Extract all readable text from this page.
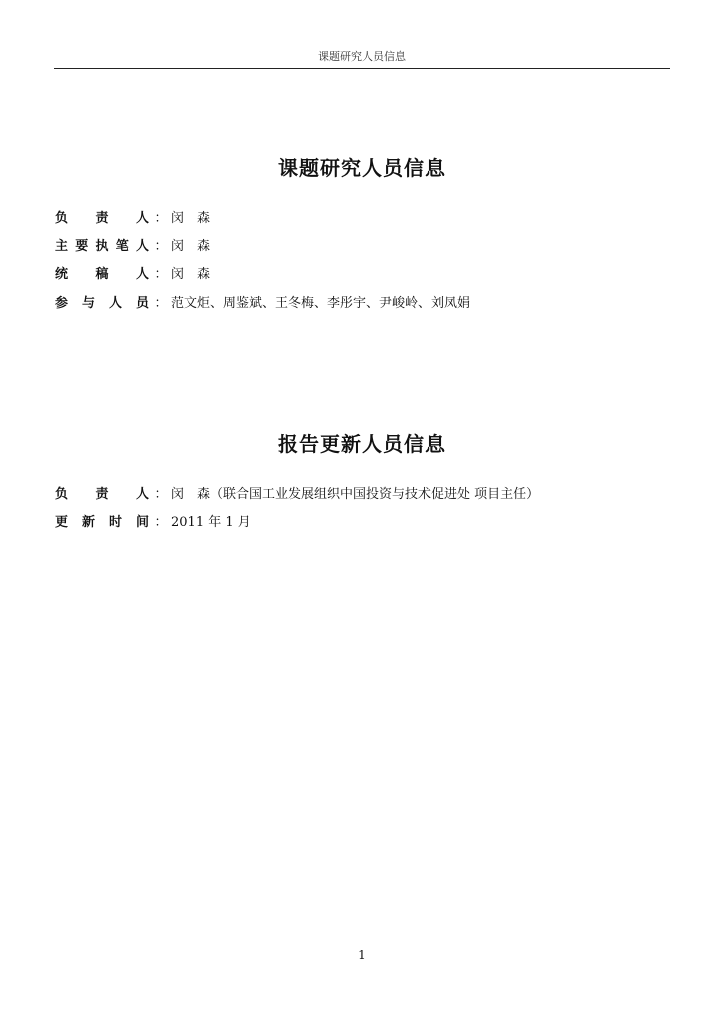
课题研究人员信息
课题研究人员信息
负 责 人 ： 闵　森
主 要 执 笔 人 ： 闵　森
统 稿 人 ： 闵　森
参 与 人 员 ： 范文炬、周鉴斌、王冬梅、李彤宇、尹峻岭、刘凤娟
报告更新人员信息
负 责 人 ： 闵　森（联合国工业发展组织中国投资与技术促进处 项目主任）
更 新 时 间 ： 2011 年 1 月
1
